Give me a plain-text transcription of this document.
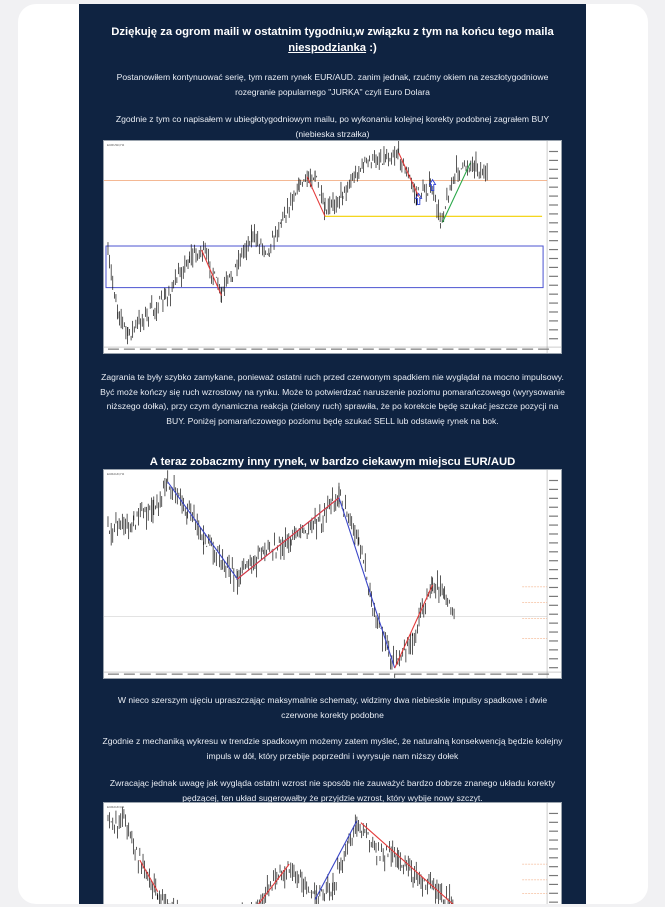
Dziękuję za ogrom maili w ostatnim tygodniu,w związku z tym na końcu tego maila niespodzianka :)
Postanowiłem kontynuować serię, tym razem rynek EUR/AUD. zanim jednak, rzućmy okiem na zeszłotygodniowe rozegranie popularnego "JURKA" czyli Euro Dolara
Zgodnie z tym co napisałem w ubiegłotygodniowym mailu, po wykonaniu kolejnej korekty podobnej zagrałem BUY (niebieska strzałka)
EURUSD,H4
Zagrania te były szybko zamykane, ponieważ ostatni ruch przed czerwonym spadkiem nie wyglądał na mocno impulsowy. Być może kończy się ruch wzrostowy na rynku. Może to potwierdzać naruszenie poziomu pomarańczowego (wyrysowanie niższego dołka), przy czym dynamiczna reakcja (zielony ruch) sprawiła, że po korekcie będę szukać jeszcze pozycji na BUY. Poniżej pomarańczowego poziomu będę szukać SELL lub odstawię rynek na bok.
A teraz zobaczmy inny rynek, w bardzo ciekawym miejscu EUR/AUD
EURAUD,H4
W nieco szerszym ujęciu upraszczając maksymalnie schematy, widzimy dwa niebieskie impulsy spadkowe i dwie czerwone korekty podobne
Zgodnie z mechaniką wykresu w trendzie spadkowym możemy zatem myśleć, że naturalną konsekwencją będzie kolejny impuls w dół, który przebije poprzedni i wyrysuje nam niższy dołek
Zwracając jednak uwagę jak wygląda ostatni wzrost nie sposób nie zauważyć bardzo dobrze znanego układu korekty pędzącej, ten układ sugerowałby że przyjdzie wzrost, który wybije nowy szczyt.
EURAUD,D1
